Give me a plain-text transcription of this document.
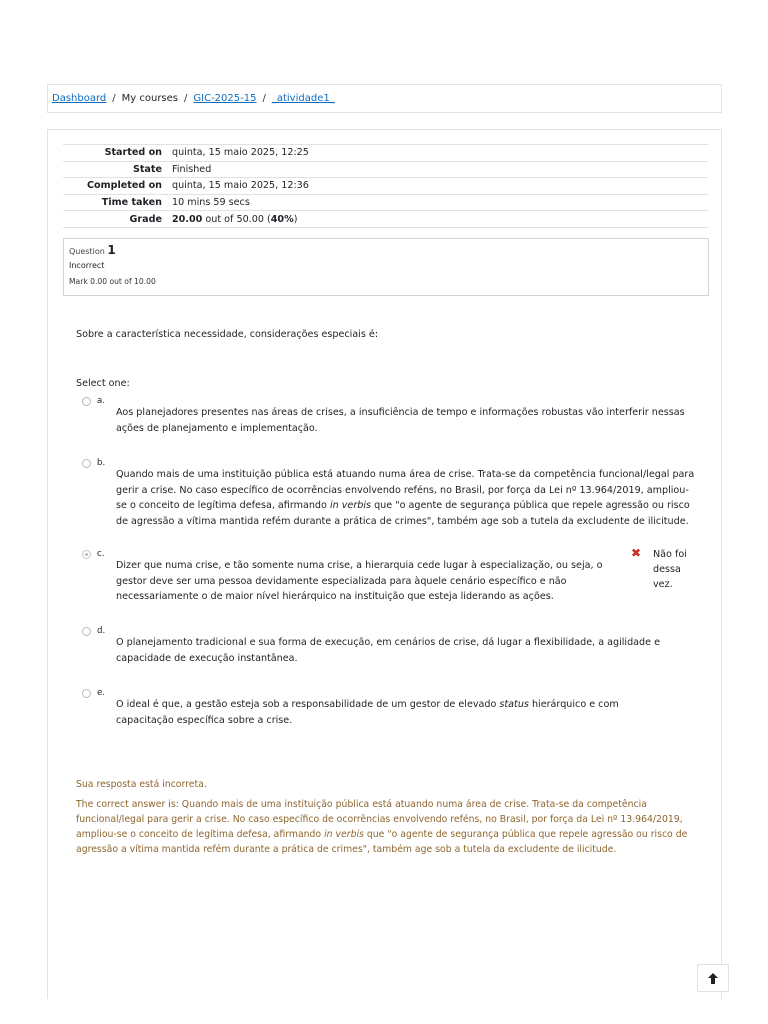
Dashboard / My courses / GIC-2025-15 / _atividade1_
Started on	quinta, 15 maio 2025, 12:25
State	Finished
Completed on	quinta, 15 maio 2025, 12:36
Time taken	10 mins 59 secs
Grade	20.00 out of 50.00 (40%)
Question 1
Incorrect
Mark 0.00 out of 10.00
Sobre a característica necessidade, considerações especiais é:
Select one:
a.
Aos planejadores presentes nas áreas de crises, a insuficiência de tempo e informações robustas vão interferir nessas ações de planejamento e implementação.
b.
Quando mais de uma instituição pública está atuando numa área de crise. Trata-se da competência funcional/legal para gerir a crise. No caso específico de ocorrências envolvendo reféns, no Brasil, por força da Lei nº 13.964/2019, ampliou-se o conceito de legítima defesa, afirmando in verbis que "o agente de segurança pública que repele agressão ou risco de agressão a vítima mantida refém durante a prática de crimes", também age sob a tutela da excludente de ilicitude.
c.
Dizer que numa crise, e tão somente numa crise, a hierarquia cede lugar à especialização, ou seja, o gestor deve ser uma pessoa devidamente especializada para àquele cenário específico e não necessariamente o de maior nível hierárquico na instituição que esteja liderando as ações.
✖ Não foi dessa vez.
d.
O planejamento tradicional e sua forma de execução, em cenários de crise, dá lugar a flexibilidade, a agilidade e capacidade de execução instantânea.
e.
O ideal é que, a gestão esteja sob a responsabilidade de um gestor de elevado status hierárquico e com capacitação específica sobre a crise.
Sua resposta está incorreta.
The correct answer is: Quando mais de uma instituição pública está atuando numa área de crise. Trata-se da competência funcional/legal para gerir a crise. No caso específico de ocorrências envolvendo reféns, no Brasil, por força da Lei nº 13.964/2019, ampliou-se o conceito de legítima defesa, afirmando in verbis que "o agente de segurança pública que repele agressão ou risco de agressão a vítima mantida refém durante a prática de crimes", também age sob a tutela da excludente de ilicitude.
